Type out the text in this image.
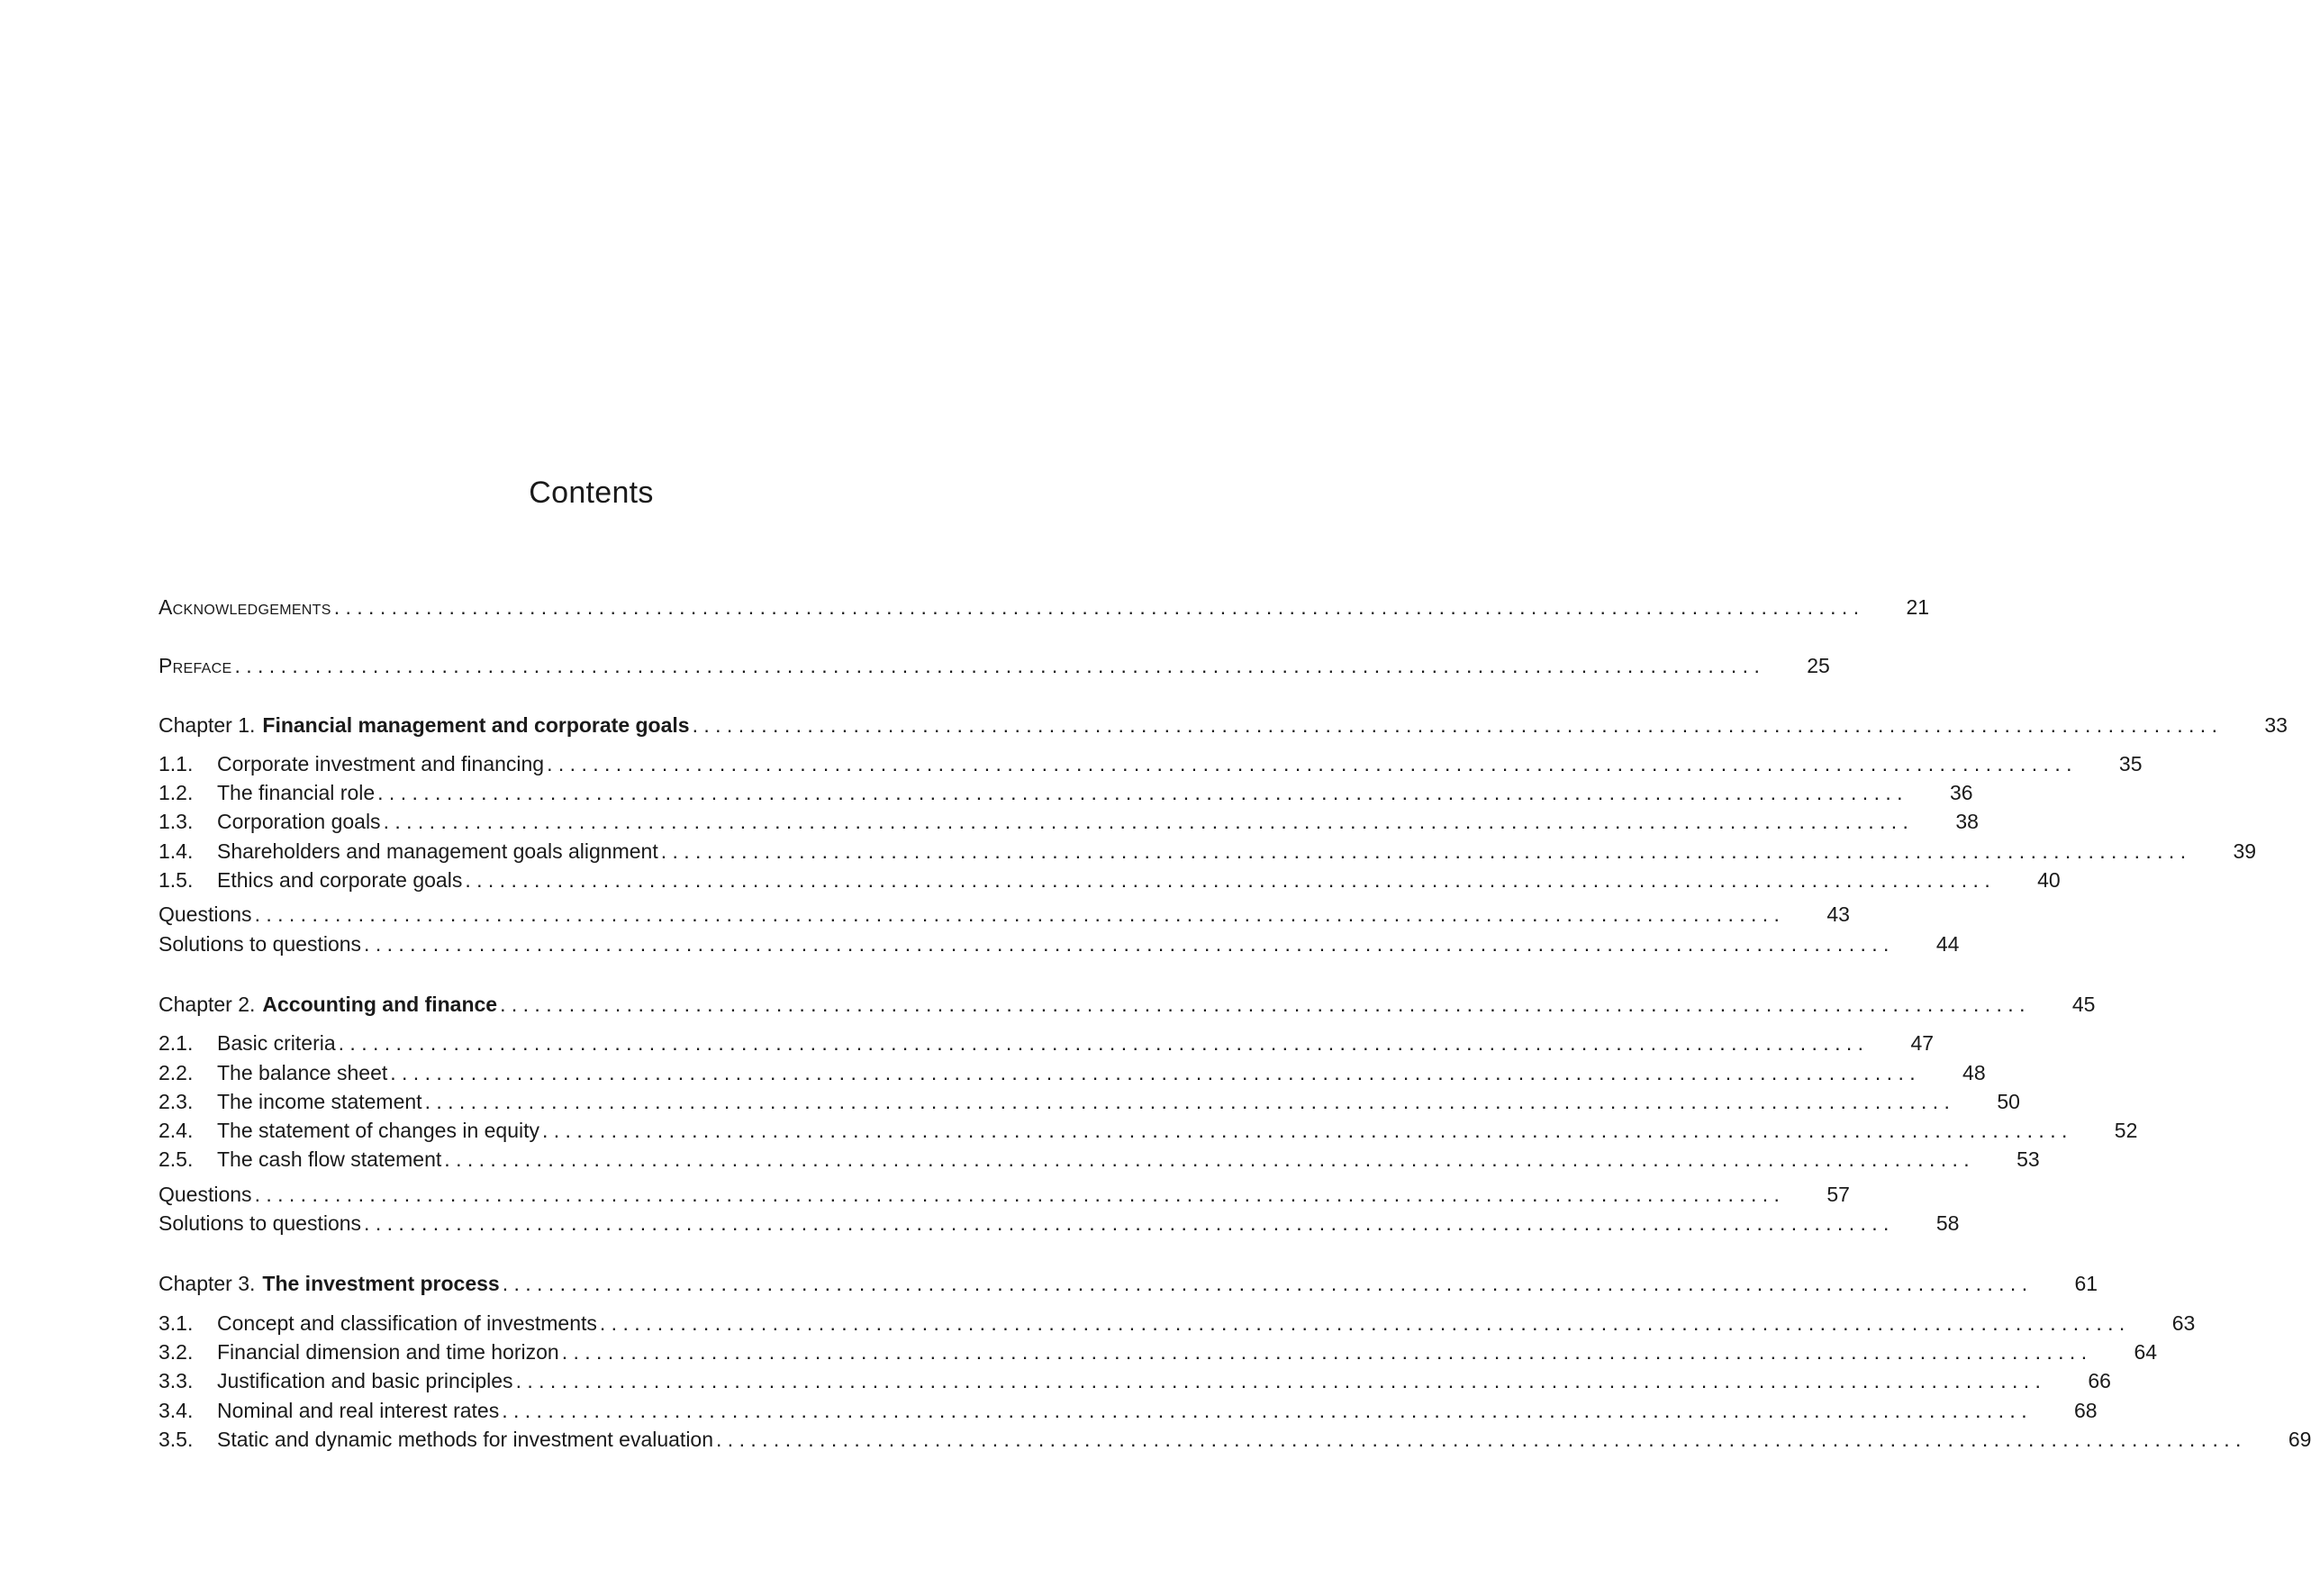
Contents
Acknowledgements . . . . . . . . . . . . . . . . . . . . . . . . . . . . . . . . . . . . . . . . . . . . . . . . . . . . . . . . . . . . . . . . . . . . . . . . . . . . . . . . . . . . . . . . . . . . . . . . . . . . . . . . . . . . . . . . . . . . . . . . . . . . . . . . . . . . . 21
Preface . . . . . . . . . . . . . . . . . . . . . . . . . . . . . . . . . . . . . . . . . . . . . . . . . . . . . . . . . . . . . . . . . . . . . . . . . . . . . . . . . . . . . . . . . . . . . . . . . . . . . . . . . . . . . . . . . . . . . . . . . . . . . . . . . . . . . 25
Chapter 1. Financial management and corporate goals . . . . . . . . . . . . . . . . . . . . . . . . . . . . . . . . . . . . . . . . . . . . . . . . . . . . . . . . . . . . . . . . . . . . . . . . . . . . . . . . . . . . . . . . . . . . . . . . . . . . . . . . . . . . . . . . . . . . . . . . . . . . . . . . . . . . . 33
1.1.	Corporate investment and financing . . . . . . . . . . . . . . . . . . . . . . . . . . . . . . . . . . . . . . . . . . . . . . . . . . . . . . . . . . . . . . . . . . . . . . . . . . . . . . . . . . . . . . . . . . . . . . . . . . . . . . . . . . . . . . . . . . . . . . . . . . . . . . . . . . . . . 35
1.2.	The financial role . . . . . . . . . . . . . . . . . . . . . . . . . . . . . . . . . . . . . . . . . . . . . . . . . . . . . . . . . . . . . . . . . . . . . . . . . . . . . . . . . . . . . . . . . . . . . . . . . . . . . . . . . . . . . . . . . . . . . . . . . . . . . . . . . . . . . 36
1.3.	Corporation goals . . . . . . . . . . . . . . . . . . . . . . . . . . . . . . . . . . . . . . . . . . . . . . . . . . . . . . . . . . . . . . . . . . . . . . . . . . . . . . . . . . . . . . . . . . . . . . . . . . . . . . . . . . . . . . . . . . . . . . . . . . . . . . . . . . . . . 38
1.4.	Shareholders and management goals alignment . . . . . . . . . . . . . . . . . . . . . . . . . . . . . . . . . . . . . . . . . . . . . . . . . . . . . . . . . . . . . . . . . . . . . . . . . . . . . . . . . . . . . . . . . . . . . . . . . . . . . . . . . . . . . . . . . . . . . . . . . . . . . . . . . . . . . 39
1.5.	Ethics and corporate goals . . . . . . . . . . . . . . . . . . . . . . . . . . . . . . . . . . . . . . . . . . . . . . . . . . . . . . . . . . . . . . . . . . . . . . . . . . . . . . . . . . . . . . . . . . . . . . . . . . . . . . . . . . . . . . . . . . . . . . . . . . . . . . . . . . . . . 40
Questions . . . . . . . . . . . . . . . . . . . . . . . . . . . . . . . . . . . . . . . . . . . . . . . . . . . . . . . . . . . . . . . . . . . . . . . . . . . . . . . . . . . . . . . . . . . . . . . . . . . . . . . . . . . . . . . . . . . . . . . . . . . . . . . . . . . . . 43
Solutions to questions . . . . . . . . . . . . . . . . . . . . . . . . . . . . . . . . . . . . . . . . . . . . . . . . . . . . . . . . . . . . . . . . . . . . . . . . . . . . . . . . . . . . . . . . . . . . . . . . . . . . . . . . . . . . . . . . . . . . . . . . . . . . . . . . . . . . . 44
Chapter 2. Accounting and finance . . . . . . . . . . . . . . . . . . . . . . . . . . . . . . . . . . . . . . . . . . . . . . . . . . . . . . . . . . . . . . . . . . . . . . . . . . . . . . . . . . . . . . . . . . . . . . . . . . . . . . . . . . . . . . . . . . . . . . . . . . . . . . . . . . . . . 45
2.1.	Basic criteria . . . . . . . . . . . . . . . . . . . . . . . . . . . . . . . . . . . . . . . . . . . . . . . . . . . . . . . . . . . . . . . . . . . . . . . . . . . . . . . . . . . . . . . . . . . . . . . . . . . . . . . . . . . . . . . . . . . . . . . . . . . . . . . . . . . . . 47
2.2.	The balance sheet . . . . . . . . . . . . . . . . . . . . . . . . . . . . . . . . . . . . . . . . . . . . . . . . . . . . . . . . . . . . . . . . . . . . . . . . . . . . . . . . . . . . . . . . . . . . . . . . . . . . . . . . . . . . . . . . . . . . . . . . . . . . . . . . . . . . . 48
2.3.	The income statement . . . . . . . . . . . . . . . . . . . . . . . . . . . . . . . . . . . . . . . . . . . . . . . . . . . . . . . . . . . . . . . . . . . . . . . . . . . . . . . . . . . . . . . . . . . . . . . . . . . . . . . . . . . . . . . . . . . . . . . . . . . . . . . . . . . . . 50
2.4.	The statement of changes in equity . . . . . . . . . . . . . . . . . . . . . . . . . . . . . . . . . . . . . . . . . . . . . . . . . . . . . . . . . . . . . . . . . . . . . . . . . . . . . . . . . . . . . . . . . . . . . . . . . . . . . . . . . . . . . . . . . . . . . . . . . . . . . . . . . . . . . 52
2.5.	The cash flow statement . . . . . . . . . . . . . . . . . . . . . . . . . . . . . . . . . . . . . . . . . . . . . . . . . . . . . . . . . . . . . . . . . . . . . . . . . . . . . . . . . . . . . . . . . . . . . . . . . . . . . . . . . . . . . . . . . . . . . . . . . . . . . . . . . . . . . 53
Questions . . . . . . . . . . . . . . . . . . . . . . . . . . . . . . . . . . . . . . . . . . . . . . . . . . . . . . . . . . . . . . . . . . . . . . . . . . . . . . . . . . . . . . . . . . . . . . . . . . . . . . . . . . . . . . . . . . . . . . . . . . . . . . . . . . . . . 57
Solutions to questions . . . . . . . . . . . . . . . . . . . . . . . . . . . . . . . . . . . . . . . . . . . . . . . . . . . . . . . . . . . . . . . . . . . . . . . . . . . . . . . . . . . . . . . . . . . . . . . . . . . . . . . . . . . . . . . . . . . . . . . . . . . . . . . . . . . . . 58
Chapter 3. The investment process . . . . . . . . . . . . . . . . . . . . . . . . . . . . . . . . . . . . . . . . . . . . . . . . . . . . . . . . . . . . . . . . . . . . . . . . . . . . . . . . . . . . . . . . . . . . . . . . . . . . . . . . . . . . . . . . . . . . . . . . . . . . . . . . . . . . . 61
3.1.	Concept and classification of investments . . . . . . . . . . . . . . . . . . . . . . . . . . . . . . . . . . . . . . . . . . . . . . . . . . . . . . . . . . . . . . . . . . . . . . . . . . . . . . . . . . . . . . . . . . . . . . . . . . . . . . . . . . . . . . . . . . . . . . . . . . . . . . . . . . . . . 63
3.2.	Financial dimension and time horizon . . . . . . . . . . . . . . . . . . . . . . . . . . . . . . . . . . . . . . . . . . . . . . . . . . . . . . . . . . . . . . . . . . . . . . . . . . . . . . . . . . . . . . . . . . . . . . . . . . . . . . . . . . . . . . . . . . . . . . . . . . . . . . . . . . . . . 64
3.3.	Justification and basic principles . . . . . . . . . . . . . . . . . . . . . . . . . . . . . . . . . . . . . . . . . . . . . . . . . . . . . . . . . . . . . . . . . . . . . . . . . . . . . . . . . . . . . . . . . . . . . . . . . . . . . . . . . . . . . . . . . . . . . . . . . . . . . . . . . . . . . 66
3.4.	Nominal and real interest rates . . . . . . . . . . . . . . . . . . . . . . . . . . . . . . . . . . . . . . . . . . . . . . . . . . . . . . . . . . . . . . . . . . . . . . . . . . . . . . . . . . . . . . . . . . . . . . . . . . . . . . . . . . . . . . . . . . . . . . . . . . . . . . . . . . . . . 68
3.5.	Static and dynamic methods for investment evaluation . . . . . . . . . . . . . . . . . . . . . . . . . . . . . . . . . . . . . . . . . . . . . . . . . . . . . . . . . . . . . . . . . . . . . . . . . . . . . . . . . . . . . . . . . . . . . . . . . . . . . . . . . . . . . . . . . . . . . . . . . . . . . . . . . . . . . 69
